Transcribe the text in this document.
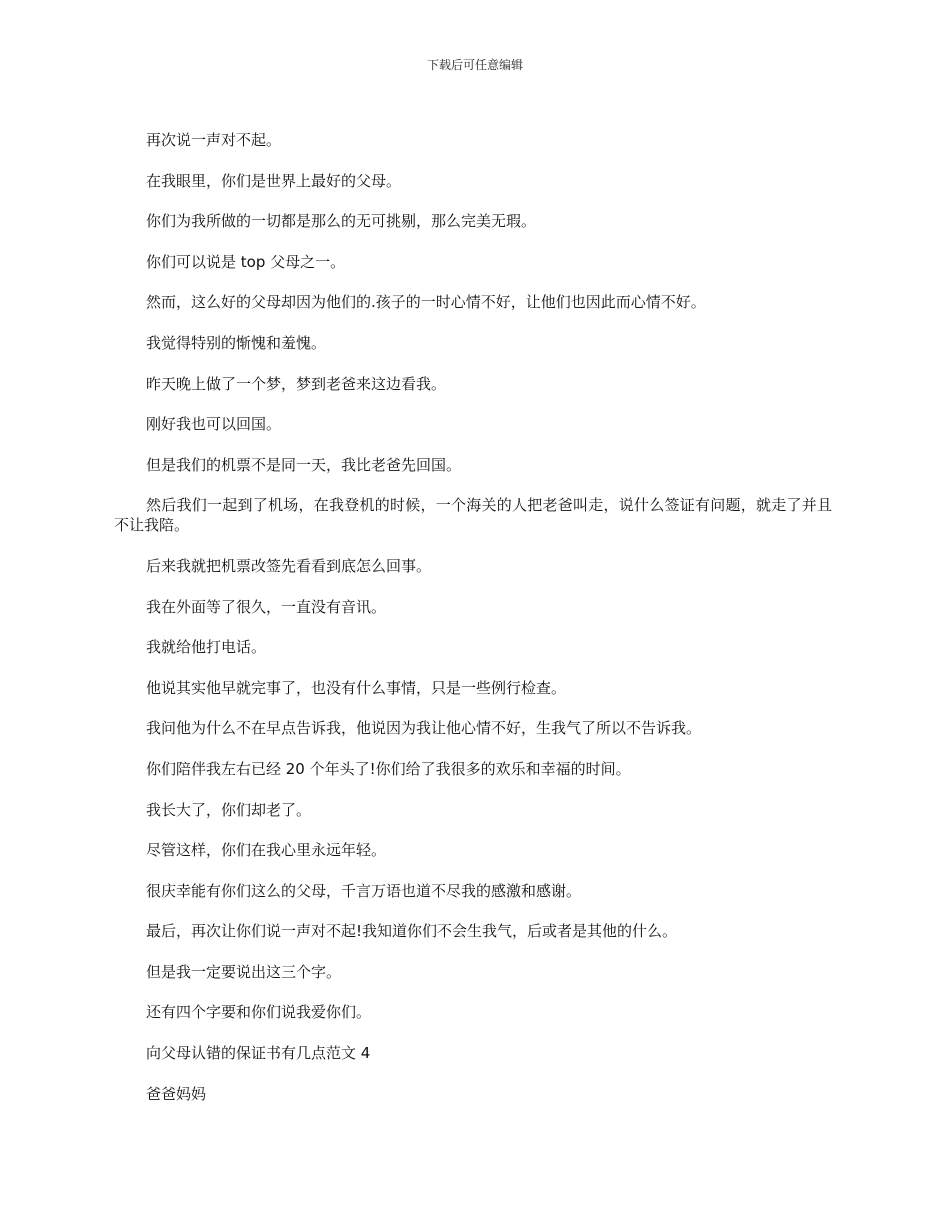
下载后可任意编辑

再次说一声对不起。

在我眼里，你们是世界上最好的父母。

你们为我所做的一切都是那么的无可挑剔，那么完美无瑕。

你们可以说是 top 父母之一。

然而，这么好的父母却因为他们的.孩子的一时心情不好，让他们也因此而心情不好。

我觉得特别的惭愧和羞愧。

昨天晚上做了一个梦，梦到老爸来这边看我。

刚好我也可以回国。

但是我们的机票不是同一天，我比老爸先回国。

然后我们一起到了机场，在我登机的时候，一个海关的人把老爸叫走，说什么签证有问题，就走了并且不让我陪。

后来我就把机票改签先看看到底怎么回事。

我在外面等了很久，一直没有音讯。

我就给他打电话。

他说其实他早就完事了，也没有什么事情，只是一些例行检查。

我问他为什么不在早点告诉我，他说因为我让他心情不好，生我气了所以不告诉我。

你们陪伴我左右已经 20 个年头了!你们给了我很多的欢乐和幸福的时间。

我长大了，你们却老了。

尽管这样，你们在我心里永远年轻。

很庆幸能有你们这么的父母，千言万语也道不尽我的感激和感谢。

最后，再次让你们说一声对不起!我知道你们不会生我气，后或者是其他的什么。

但是我一定要说出这三个字。

还有四个字要和你们说我爱你们。

向父母认错的保证书有几点范文 4

爸爸妈妈
